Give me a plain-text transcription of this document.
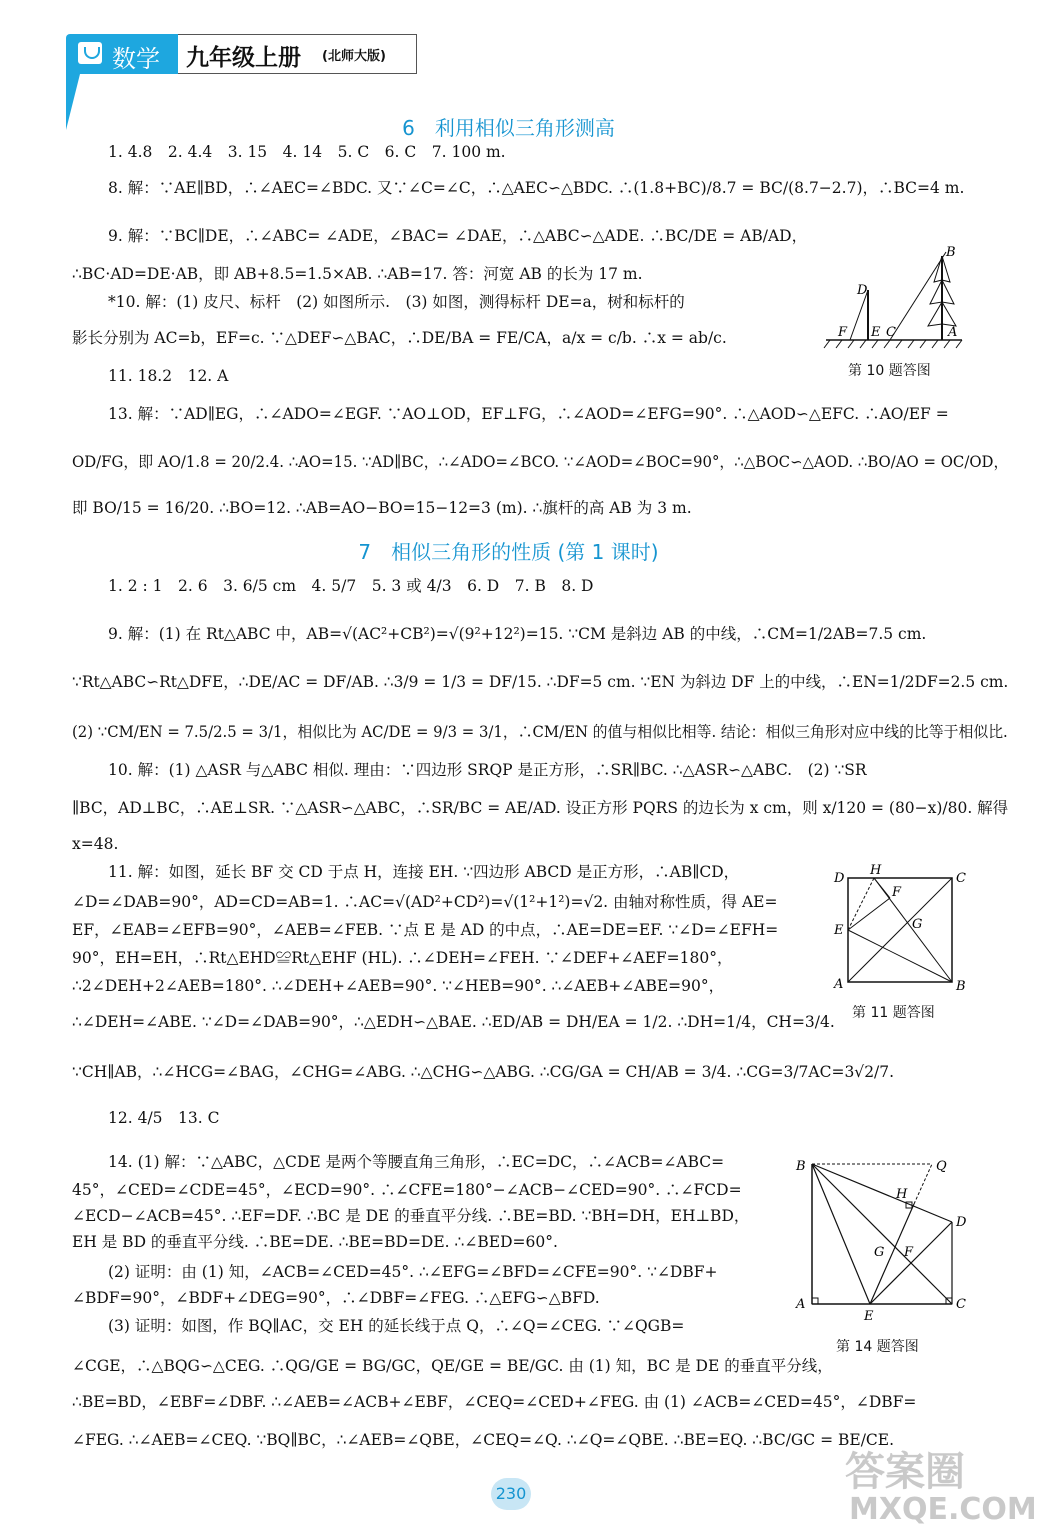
数学 九年级上册 (北师大版)
6　利用相似三角形测高
1. 4.8　2. 4.4　3. 15　4. 14　5. C　6. C　7. 100 m.
8. 解：∵AE∥BD，∴∠AEC=∠BDC. 又∵∠C=∠C，∴△AEC∽△BDC. ∴(1.8+BC)/8.7 = BC/(8.7−2.7)，∴BC=4 m.
9. 解：∵BC∥DE，∴∠ABC= ∠ADE，∠BAC= ∠DAE，∴△ABC∽△ADE. ∴BC/DE = AB/AD，
∴BC·AD=DE·AB，即 AB+8.5=1.5×AB. ∴AB=17. 答：河宽 AB 的长为 17 m.
*10. 解：(1) 皮尺、标杆　(2) 如图所示.　(3) 如图，测得标杆 DE=a，树和标杆的
影长分别为 AC=b，EF=c. ∵△DEF∽△BAC，∴DE/BA = FE/CA，a/x = c/b. ∴x = ab/c.
11. 18.2　12. A
13. 解：∵AD∥EG，∴∠ADO=∠EGF. ∵AO⊥OD，EF⊥FG，∴∠AOD=∠EFG=90°. ∴△AOD∽△EFC. ∴AO/EF =
OD/FG，即 AO/1.8 = 20/2.4. ∴AO=15. ∵AD∥BC，∴∠ADO=∠BCO. ∵∠AOD=∠BOC=90°，∴△BOC∽△AOD. ∴BO/AO = OC/OD，
即 BO/15 = 16/20. ∴BO=12. ∴AB=AO−BO=15−12=3 (m). ∴旗杆的高 AB 为 3 m.
B
D
F E C	A
第 10 题答图
7　相似三角形的性质 (第 1 课时)
1. 2 : 1　2. 6　3. 6/5 cm　4. 5/7　5. 3 或 4/3　6. D　7. B　8. D
9. 解：(1) 在 Rt△ABC 中，AB=√(AC²+CB²)=√(9²+12²)=15. ∵CM 是斜边 AB 的中线，∴CM=1/2AB=7.5 cm.
∵Rt△ABC∽Rt△DFE，∴DE/AC = DF/AB. ∴3/9 = 1/3 = DF/15. ∴DF=5 cm. ∵EN 为斜边 DF 上的中线，∴EN=1/2DF=2.5 cm.
(2) ∵CM/EN = 7.5/2.5 = 3/1，相似比为 AC/DE = 9/3 = 3/1，∴CM/EN 的值与相似比相等. 结论：相似三角形对应中线的比等于相似比.
10. 解：(1) △ASR 与△ABC 相似. 理由：∵四边形 SRQP 是正方形，∴SR∥BC. ∴△ASR∽△ABC.　(2) ∵SR
∥BC，AD⊥BC，∴AE⊥SR. ∵△ASR∽△ABC，∴SR/BC = AE/AD. 设正方形 PQRS 的边长为 x cm，则 x/120 = (80−x)/80. 解得
x=48.
11. 解：如图，延长 BF 交 CD 于点 H，连接 EH. ∵四边形 ABCD 是正方形，∴AB∥CD，
∠D=∠DAB=90°，AD=CD=AB=1. ∴AC=√(AD²+CD²)=√(1²+1²)=√2. 由轴对称性质，得 AE=
EF，∠EAB=∠EFB=90°，∠AEB=∠FEB. ∵点 E 是 AD 的中点，∴AE=DE=EF. ∵∠D=∠EFH=
90°，EH=EH，∴Rt△EHD≌Rt△EHF (HL). ∴∠DEH=∠FEH. ∵∠DEF+∠AEF=180°，
∴2∠DEH+2∠AEB=180°. ∴∠DEH+∠AEB=90°. ∵∠HEB=90°. ∴∠AEB+∠ABE=90°，
∴∠DEH=∠ABE. ∵∠D=∠DAB=90°，∴△EDH∽△BAE. ∴ED/AB = DH/EA = 1/2. ∴DH=1/4，CH=3/4.
∵CH∥AB，∴∠HCG=∠BAG，∠CHG=∠ABG. ∴△CHG∽△ABG. ∴CG/GA = CH/AB = 3/4. ∴CG=3/7AC=3√2/7.
D
H
C
F
G
E
A	B
第 11 题答图
12. 4/5　13. C
14. (1) 解：∵△ABC，△CDE 是两个等腰直角三角形，∴EC=DC，∴∠ACB=∠ABC=
45°，∠CED=∠CDE=45°，∠ECD=90°. ∴∠CFE=180°−∠ACB−∠CED=90°. ∴∠FCD=
∠ECD−∠ACB=45°. ∴EF=DF. ∴BC 是 DE 的垂直平分线. ∴BE=BD. ∵BH=DH，EH⊥BD，
EH 是 BD 的垂直平分线. ∴BE=DE. ∴BE=BD=DE. ∴∠BED=60°.
(2) 证明：由 (1) 知，∠ACB=∠CED=45°. ∴∠EFG=∠BFD=∠CFE=90°. ∵∠DBF+
∠BDF=90°，∠BDF+∠DEG=90°，∴∠DBF=∠FEG. ∴△EFG∽△BFD.
(3) 证明：如图，作 BQ∥AC，交 EH 的延长线于点 Q，∴∠Q=∠CEG. ∵∠QGB=
∠CGE，∴△BQG∽△CEG. ∴QG/GE = BG/GC，QE/GE = BE/GC. 由 (1) 知，BC 是 DE 的垂直平分线，
∴BE=BD，∠EBF=∠DBF. ∴∠AEB=∠ACB+∠EBF，∠CEQ=∠CED+∠FEG. 由 (1) ∠ACB=∠CED=45°，∠DBF=
∠FEG. ∴∠AEB=∠CEQ. ∵BQ∥BC，∴∠AEB=∠QBE，∠CEQ=∠Q. ∴∠Q=∠QBE. ∴BE=EQ. ∴BC/GC = BE/CE.
B	Q
H
D
G F
A
E
C
第 14 题答图
230	答案圈
MXQE.COM
